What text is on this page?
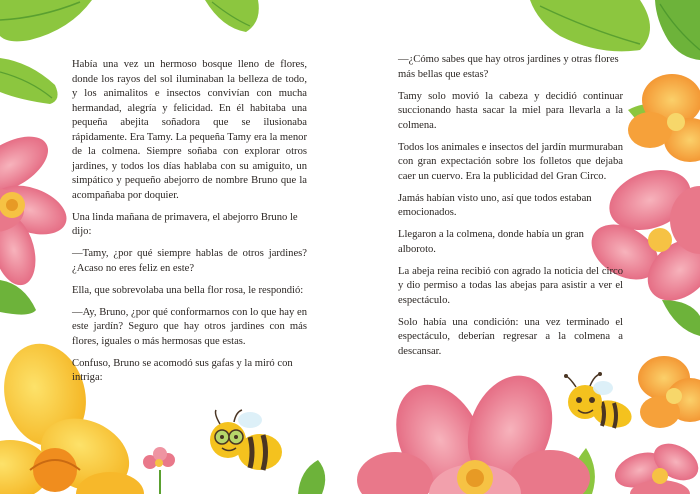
Había una vez un hermoso bosque lleno de flores, donde los rayos del sol iluminaban la belleza de todo, y los animalitos e insectos convivían con mucha hermandad, alegría y felicidad. En él habitaba una pequeña abejita soñadora que se ilusionaba rápidamente. Era Tamy. La pequeña Tamy era la menor de la colmena. Siempre soñaba con explorar otros jardines, y todos los días hablaba con su amiguito, un simpático y pequeño abejorro de nombre Bruno que la acompañaba por doquier.

Una linda mañana de primavera, el abejorro Bruno le dijo:

—Tamy, ¿por qué siempre hablas de otros jardines? ¿Acaso no eres feliz en este?

Ella, que sobrevolaba una bella flor rosa, le respondió:

—Ay, Bruno, ¿por qué conformarnos con lo que hay en este jardín? Seguro que hay otros jardines con más flores, iguales o más hermosas que estas.

Confuso, Bruno se acomodó sus gafas y la miró con intriga:

—¿Cómo sabes que hay otros jardines y otras flores más bellas que estas?

Tamy solo movió la cabeza y decidió continuar succionando hasta sacar la miel para llevarla a la colmena.

Todos los animales e insectos del jardín murmuraban con gran expectación sobre los folletos que dejaba caer un cuervo. Era la publicidad del Gran Circo.

Jamás habían visto uno, así que todos estaban emocionados.

Llegaron a la colmena, donde había un gran alboroto.

La abeja reina recibió con agrado la noticia del circo y dio permiso a todas las abejas para asistir a ver el espectáculo.

Solo había una condición: una vez terminado el espectáculo, deberían regresar a la colmena a descansar.
